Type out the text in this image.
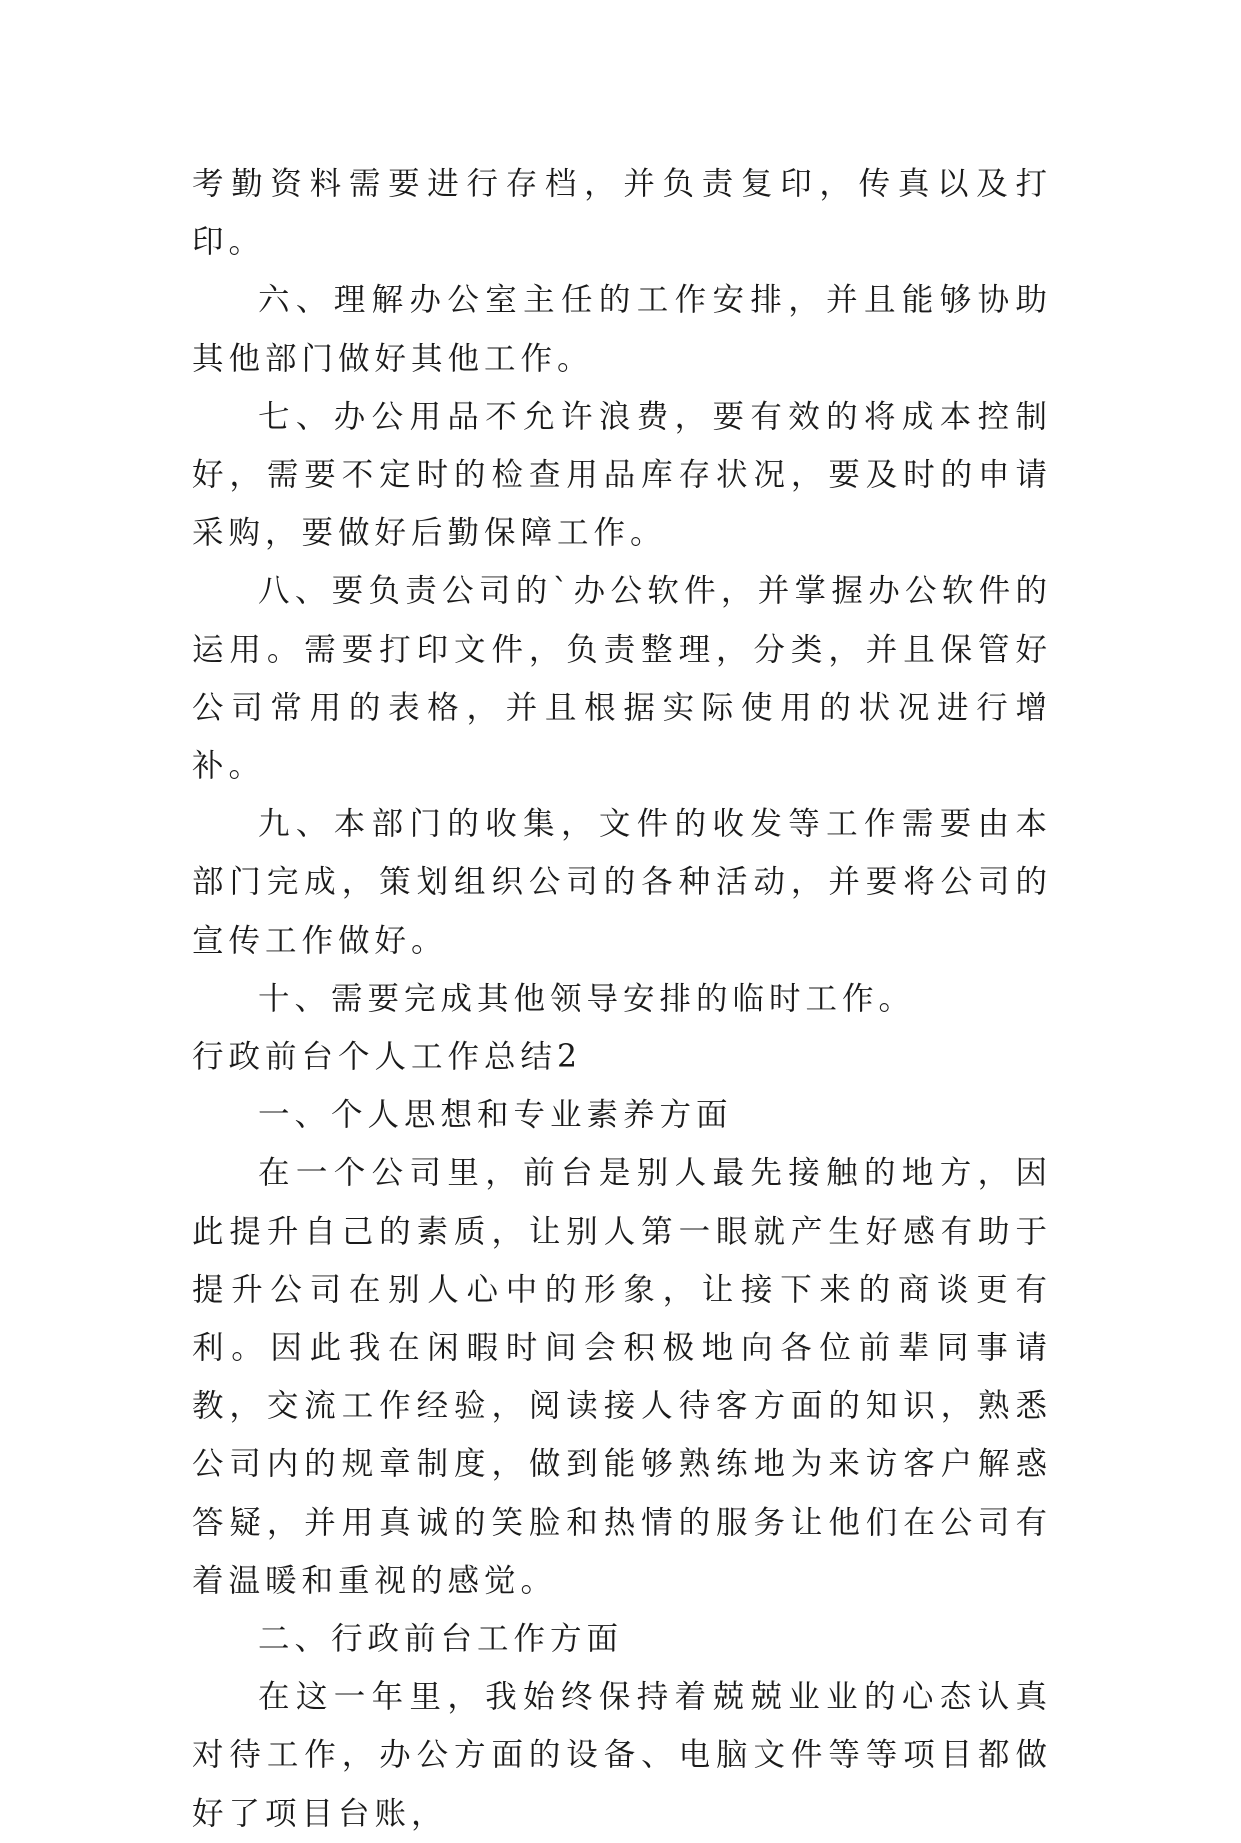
考勤资料需要进行存档，并负责复印，传真以及打印。

六、理解办公室主任的工作安排，并且能够协助其他部门做好其他工作。

七、办公用品不允许浪费，要有效的将成本控制好，需要不定时的检查用品库存状况，要及时的申请采购，要做好后勤保障工作。

八、要负责公司的`办公软件，并掌握办公软件的运用。需要打印文件，负责整理，分类，并且保管好公司常用的表格，并且根据实际使用的状况进行增补。

九、本部门的收集，文件的收发等工作需要由本部门完成，策划组织公司的各种活动，并要将公司的宣传工作做好。

十、需要完成其他领导安排的临时工作。

行政前台个人工作总结2

一、个人思想和专业素养方面

在一个公司里，前台是别人最先接触的地方，因此提升自己的素质，让别人第一眼就产生好感有助于提升公司在别人心中的形象，让接下来的商谈更有利。因此我在闲暇时间会积极地向各位前辈同事请教，交流工作经验，阅读接人待客方面的知识，熟悉公司内的规章制度，做到能够熟练地为来访客户解惑答疑，并用真诚的笑脸和热情的服务让他们在公司有着温暖和重视的感觉。

二、行政前台工作方面

在这一年里，我始终保持着兢兢业业的心态认真对待工作，办公方面的设备、电脑文件等等项目都做好了项目台账，
